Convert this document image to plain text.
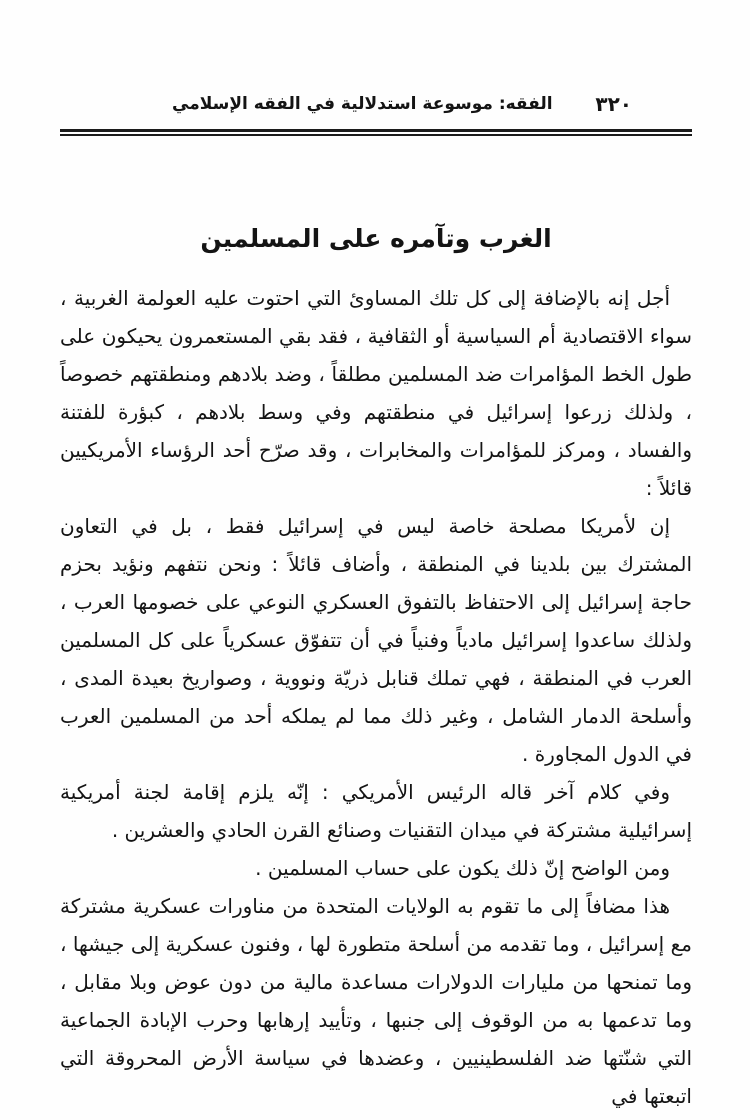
الفقه: موسوعة استدلالية في الفقه الإسلامي ٣٢٠
الغرب وتآمره على المسلمين

أجل إنه بالإضافة إلى كل تلك المساوئ التي احتوت عليه العولمة الغربية ، سواء الاقتصادية أم السياسية أو الثقافية ، فقد بقي المستعمرون يحيكون على طول الخط المؤامرات ضد المسلمين مطلقاً ، وضد بلادهم ومنطقتهم خصوصاً ، ولذلك زرعوا إسرائيل في منطقتهم وفي وسط بلادهم ، كبؤرة للفتنة والفساد ، ومركز للمؤامرات والمخابرات ، وقد صرّح أحد الرؤساء الأمريكيين قائلاً :

إن لأمريكا مصلحة خاصة ليس في إسرائيل فقط ، بل في التعاون المشترك بين بلدينا في المنطقة ، وأضاف قائلاً : ونحن نتفهم ونؤيد بحزم حاجة إسرائيل إلى الاحتفاظ بالتفوق العسكري النوعي على خصومها العرب ، ولذلك ساعدوا إسرائيل مادياً وفنياً في أن تتفوّق عسكرياً على كل المسلمين العرب في المنطقة ، فهي تملك قنابل ذريّة ونووية ، وصواريخ بعيدة المدى ، وأسلحة الدمار الشامل ، وغير ذلك مما لم يملكه أحد من المسلمين العرب في الدول المجاورة .

وفي كلام آخر قاله الرئيس الأمريكي : إنّه يلزم إقامة لجنة أمريكية إسرائيلية مشتركة في ميدان التقنيات وصنائع القرن الحادي والعشرين .

ومن الواضح إنّ ذلك يكون على حساب المسلمين .

هذا مضافاً إلى ما تقوم به الولايات المتحدة من مناورات عسكرية مشتركة مع إسرائيل ، وما تقدمه من أسلحة متطورة لها ، وفنون عسكرية إلى جيشها ، وما تمنحها من مليارات الدولارات مساعدة مالية من دون عوض وبلا مقابل ، وما تدعمها به من الوقوف إلى جنبها ، وتأييد إرهابها وحرب الإبادة الجماعية التي شنّتها ضد الفلسطينيين ، وعضدها في سياسة الأرض المحروقة التي اتبعتها في
